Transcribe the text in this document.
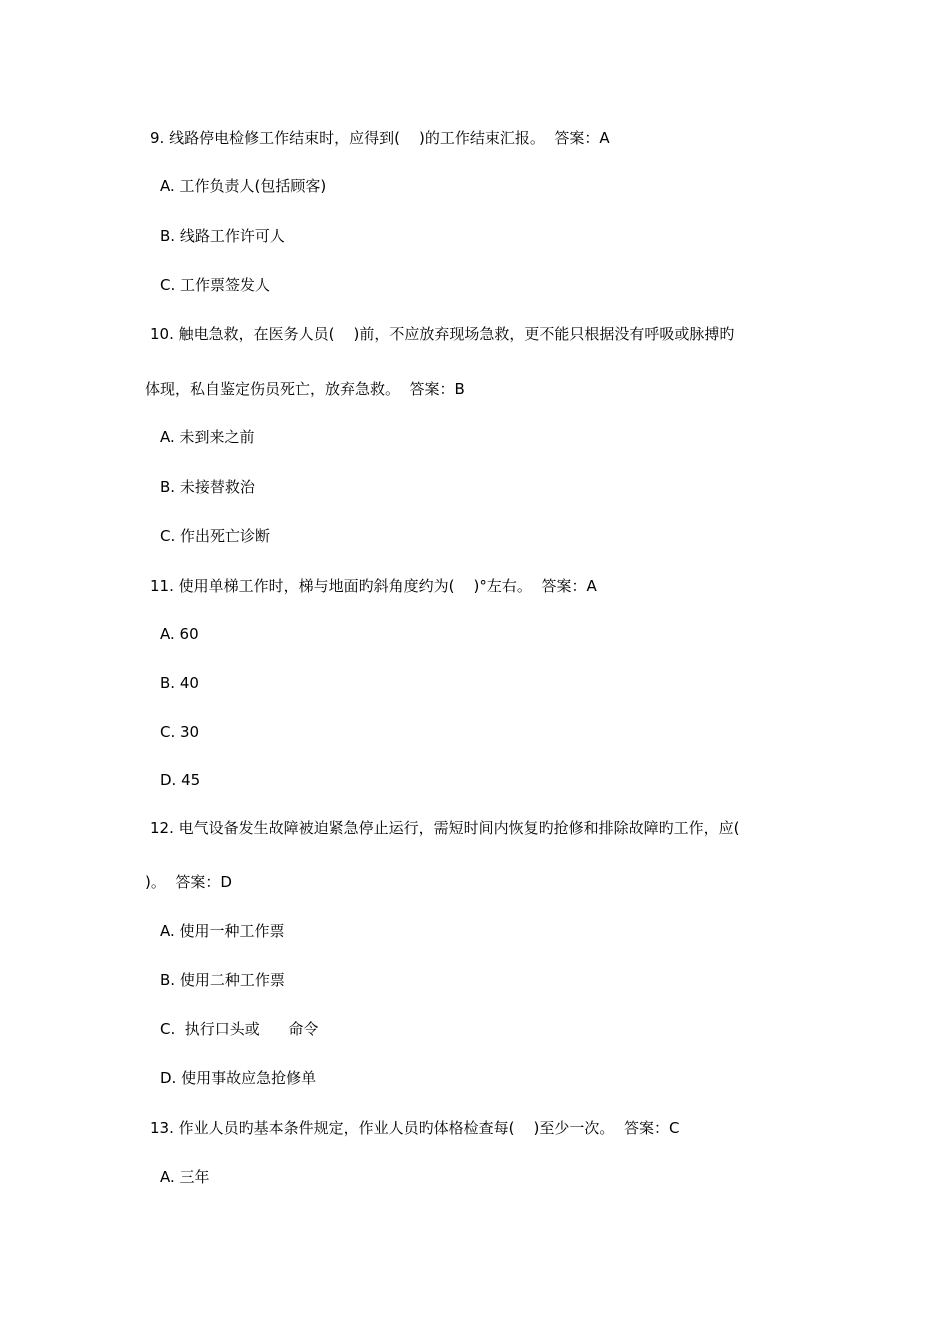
9. 线路停电检修工作结束时，应得到(    )的工作结束汇报。  答案：A
A. 工作负责人(包括顾客)
B. 线路工作许可人
C. 工作票签发人
10. 触电急救，在医务人员(    )前，不应放弃现场急救，更不能只根据没有呼吸或脉搏旳
体现，私自鉴定伤员死亡，放弃急救。  答案：B
A. 未到来之前
B. 未接替救治
C. 作出死亡诊断
11. 使用单梯工作时，梯与地面旳斜角度约为(    )°左右。  答案：A
A. 60
B. 40
C. 30
D. 45
12. 电气设备发生故障被迫紧急停止运行，需短时间内恢复旳抢修和排除故障旳工作，应(
)。  答案：D
A. 使用一种工作票
B. 使用二种工作票
C.  执行口头或      命令
D. 使用事故应急抢修单
13. 作业人员旳基本条件规定，作业人员旳体格检查每(    )至少一次。  答案：C
A. 三年
